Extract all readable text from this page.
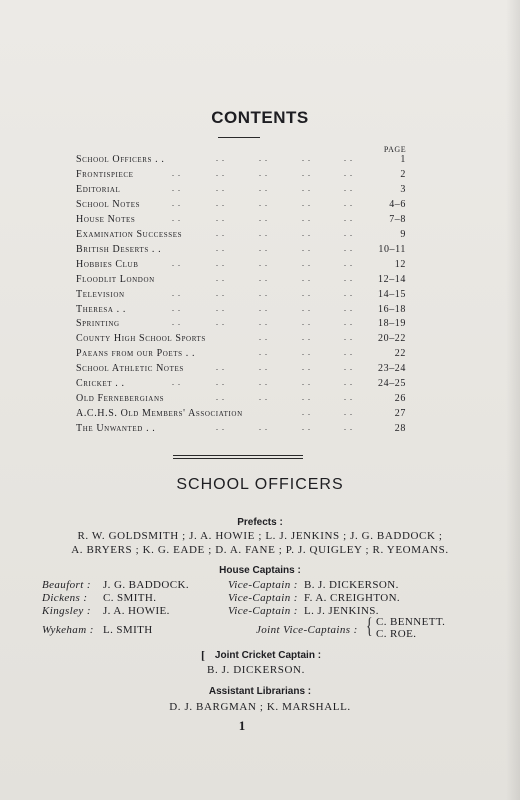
CONTENTS
PAGE
School Officers . .	. .	. .	. .	. .	1
Frontispiece	. .	. .	. .	. .	. .	2
Editorial	. .	. .	. .	. .	. .	3
School Notes	. .	. .	. .	. .	. .	4–6
House Notes	. .	. .	. .	. .	. .	7–8
Examination Successes	. .	. .	. .	. .	9
British Deserts . .	. .	. .	. .	. .	10–11
Hobbies Club	. .	. .	. .	. .	. .	12
Floodlit London	. .	. .	. .	. .	12–14
Television	. .	. .	. .	. .	. .	14–15
Theresa . .	. .	. .	. .	. .	. .	16–18
Sprinting	. .	. .	. .	. .	. .	18–19
County High School Sports	. .	. .	. .	20–22
Paeans from our Poets . .	. .	. .	. .	22
School Athletic Notes	. .	. .	. .	. .	23–24
Cricket . .	. .	. .	. .	. .	. .	24–25
Old Fernebergians	. .	. .	. .	. .	26
A.C.H.S. Old Members' Association	. .	. .	27
The Unwanted . .	. .	. .	. .	. .	28
SCHOOL OFFICERS
Prefects :
R. W. GOLDSMITH ; J. A. HOWIE ; L. J. JENKINS ; J. G. BADDOCK ;
A. BRYERS ; K. G. EADE ; D. A. FANE ; P. J. QUIGLEY ; R. YEOMANS.
House Captains :
Beaufort : J. G. BADDOCK.	Vice-Captain : B. J. DICKERSON.
Dickens : C. SMITH.	Vice-Captain : F. A. CREIGHTON.
Kingsley : J. A. HOWIE.	Vice-Captain : L. J. JENKINS.
Wykeham : L. SMITH	Joint Vice-Captains : { C. BENNETT.
C. ROE.
[ Joint Cricket Captain :
B. J. DICKERSON.
Assistant Librarians :
D. J. BARGMAN ; K. MARSHALL.
1
